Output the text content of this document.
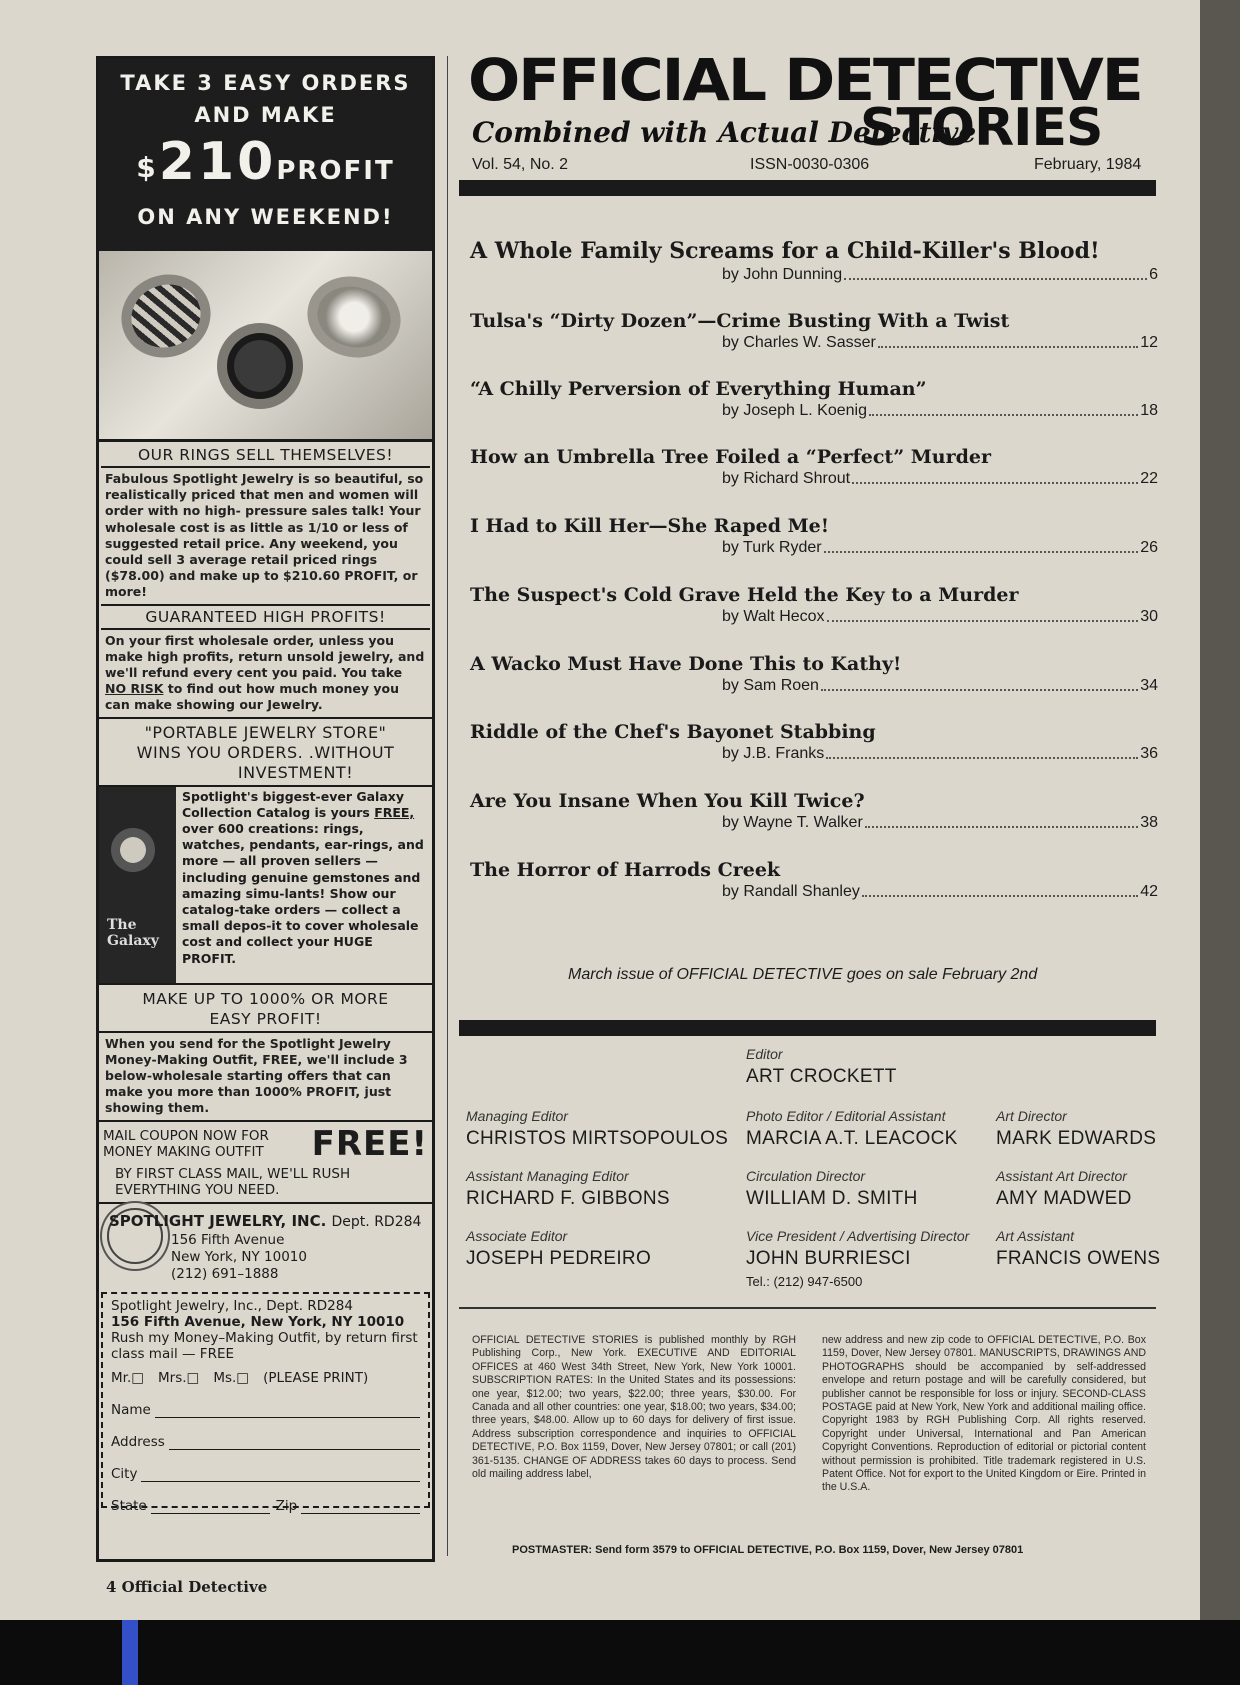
TAKE 3 EASY ORDERS
AND MAKE
$210PROFIT
ON ANY WEEKEND!
OUR RINGS SELL THEMSELVES!
Fabulous Spotlight Jewelry is so beautiful, so realistically priced that men and women will order with no high- pressure sales talk! Your wholesale cost is as little as 1/10 or less of suggested retail price. Any weekend, you could sell 3 average retail priced rings ($78.00) and make up to $210.60 PROFIT, or more!
GUARANTEED HIGH PROFITS!
On your first wholesale order, unless you make high profits, return unsold jewelry, and we'll refund every cent you paid. You take NO RISK to find out how much money you can make showing our Jewelry.
"PORTABLE JEWELRY STORE"
WINS YOU ORDERS. .WITHOUT
INVESTMENT!
The Galaxy
Spotlight's biggest-ever Galaxy Collection Catalog is yours FREE, over 600 creations: rings, watches, pendants, ear-rings, and more — all proven sellers — including genuine gemstones and amazing simu-lants! Show our catalog-take orders — collect a small depos-it to cover wholesale cost and collect your HUGE PROFIT.
MAKE UP TO 1000% OR MORE
EASY PROFIT!
When you send for the Spotlight Jewelry Money-Making Outfit, FREE, we'll include 3 below-wholesale starting offers that can make you more than 1000% PROFIT, just showing them.
MAIL COUPON NOW FOR
MONEY MAKING OUTFIT	FREE!
BY FIRST CLASS MAIL, WE'LL RUSH EVERYTHING YOU NEED.
SPOTLIGHT JEWELRY, INC. Dept. RD284
156 Fifth Avenue
New York, NY 10010
(212) 691–1888
Spotlight Jewelry, Inc., Dept. RD284
156 Fifth Avenue, New York, NY 10010
Rush my Money–Making Outfit, by return first class mail — FREE
Mr.□ Mrs.□ Ms.□ (PLEASE PRINT)
Name
Address
City
State	Zip
4 Official Detective
OFFICIAL DETECTIVE
Combined with Actual Detective
STORIES
Vol. 54, No. 2	ISSN-0030-0306	February, 1984
A Whole Family Screams for a Child-Killer's Blood!
by John Dunning	6
Tulsa's “Dirty Dozen”—Crime Busting With a Twist
by Charles W. Sasser	12
“A Chilly Perversion of Everything Human”
by Joseph L. Koenig	18
How an Umbrella Tree Foiled a “Perfect” Murder
by Richard Shrout	22
I Had to Kill Her—She Raped Me!
by Turk Ryder	26
The Suspect's Cold Grave Held the Key to a Murder
by Walt Hecox	30
A Wacko Must Have Done This to Kathy!
by Sam Roen	34
Riddle of the Chef's Bayonet Stabbing
by J.B. Franks	36
Are You Insane When You Kill Twice?
by Wayne T. Walker	38
The Horror of Harrods Creek
by Randall Shanley	42
March issue of OFFICIAL DETECTIVE goes on sale February 2nd
Editor
ART CROCKETT
Managing Editor
CHRISTOS MIRTSOPOULOS
Photo Editor / Editorial Assistant
MARCIA A.T. LEACOCK
Art Director
MARK EDWARDS
Assistant Managing Editor
RICHARD F. GIBBONS
Circulation Director
WILLIAM D. SMITH
Assistant Art Director
AMY MADWED
Associate Editor
JOSEPH PEDREIRO
Vice President / Advertising Director
JOHN BURRIESCI
Tel.: (212) 947-6500
Art Assistant
FRANCIS OWENS
OFFICIAL DETECTIVE STORIES is published monthly by RGH Publishing Corp., New York. EXECUTIVE AND EDITORIAL OFFICES at 460 West 34th Street, New York, New York 10001. SUBSCRIPTION RATES: In the United States and its possessions: one year, $12.00; two years, $22.00; three years, $30.00. For Canada and all other countries: one year, $18.00; two years, $34.00; three years, $48.00. Allow up to 60 days for delivery of first issue. Address subscription correspondence and inquiries to OFFICIAL DETECTIVE, P.O. Box 1159, Dover, New Jersey 07801; or call (201) 361-5135. CHANGE OF ADDRESS takes 60 days to process. Send old mailing address label,
new address and new zip code to OFFICIAL DETECTIVE, P.O. Box 1159, Dover, New Jersey 07801. MANUSCRIPTS, DRAWINGS AND PHOTOGRAPHS should be accompanied by self-addressed envelope and return postage and will be carefully considered, but publisher cannot be responsible for loss or injury. SECOND-CLASS POSTAGE paid at New York, New York and additional mailing office. Copyright 1983 by RGH Publishing Corp. All rights reserved. Copyright under Universal, International and Pan American Copyright Conventions. Reproduction of editorial or pictorial content without permission is prohibited. Title trademark registered in U.S. Patent Office. Not for export to the United Kingdom or Eire. Printed in the U.S.A.
POSTMASTER: Send form 3579 to OFFICIAL DETECTIVE, P.O. Box 1159, Dover, New Jersey 07801
